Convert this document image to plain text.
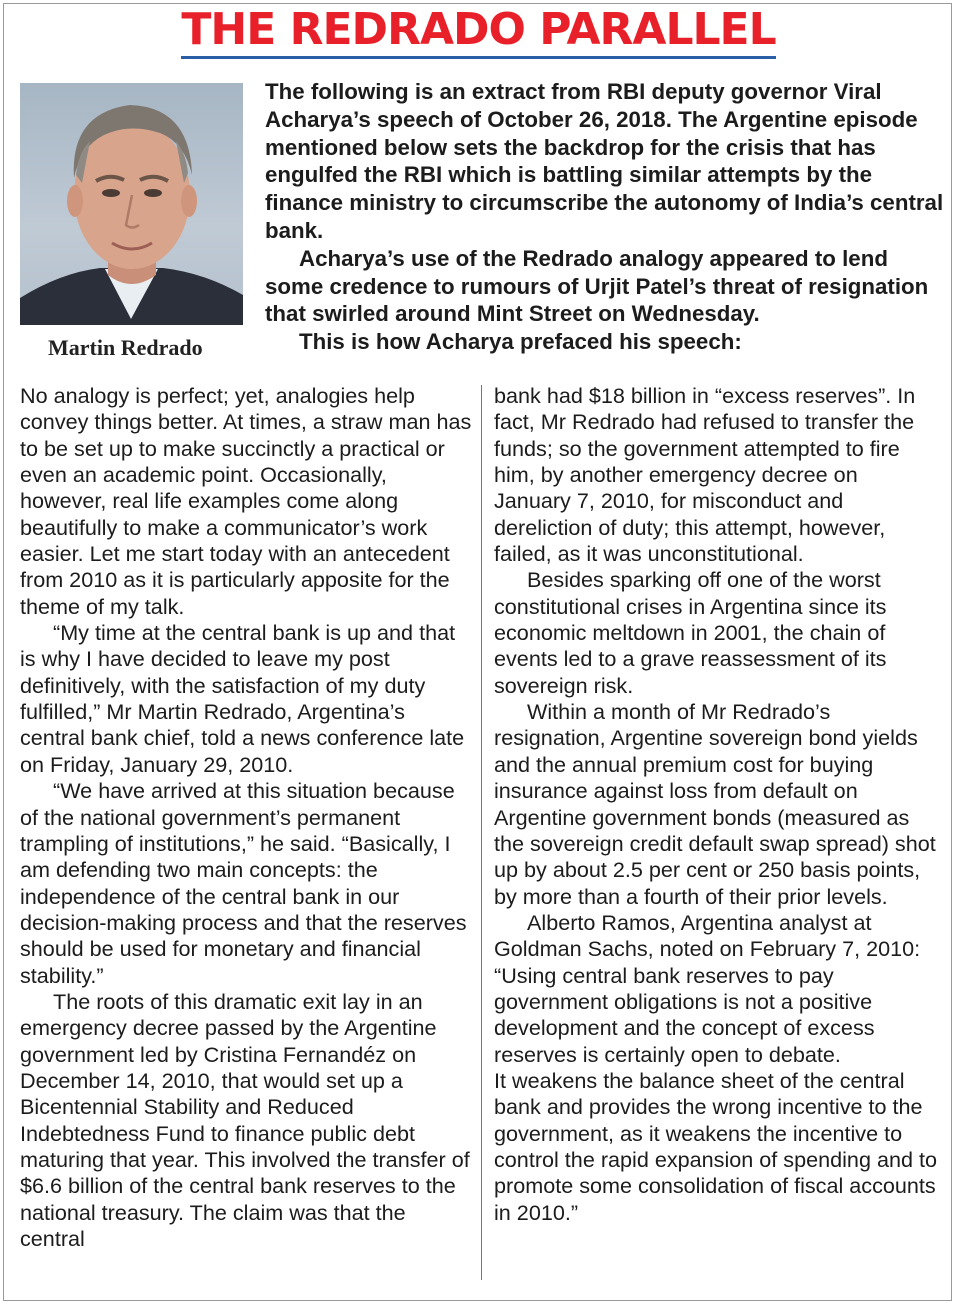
THE REDRADO PARALLEL
Martin Redrado

The following is an extract from RBI deputy governor Viral Acharya’s speech of October 26, 2018. The Argentine episode mentioned below sets the backdrop for the crisis that has engulfed the RBI which is battling similar attempts by the finance ministry to circumscribe the autonomy of India’s central bank.

Acharya’s use of the Redrado analogy appeared to lend some credence to rumours of Urjit Patel’s threat of resignation that swirled around Mint Street on Wednesday.

This is how Acharya prefaced his speech:

No analogy is perfect; yet, analogies help convey things better. At times, a straw man has to be set up to make succinctly a practical or even an academic point. Occasionally, however, real life examples come along beautifully to make a communicator’s work easier. Let me start today with an antecedent from 2010 as it is particularly apposite for the theme of my talk.

“My time at the central bank is up and that is why I have decided to leave my post definitively, with the satisfaction of my duty fulfilled,” Mr Martin Redrado, Argentina’s central bank chief, told a news conference late on Friday, January 29, 2010.

“We have arrived at this situation because of the national government’s permanent trampling of institutions,” he said. “Basically, I am defending two main concepts: the independence of the central bank in our decision-making process and that the reserves should be used for monetary and financial stability.”

The roots of this dramatic exit lay in an emergency decree passed by the Argentine government led by Cristina Fernandéz on December 14, 2010, that would set up a Bicentennial Stability and Reduced Indebtedness Fund to finance public debt maturing that year. This involved the transfer of $6.6 billion of the central bank reserves to the national treasury. The claim was that the central

bank had $18 billion in “excess reserves”. In fact, Mr Redrado had refused to transfer the funds; so the government attempted to fire him, by another emergency decree on January 7, 2010, for misconduct and dereliction of duty; this attempt, however, failed, as it was unconstitutional.

Besides sparking off one of the worst constitutional crises in Argentina since its economic meltdown in 2001, the chain of events led to a grave reassessment of its sovereign risk.

Within a month of Mr Redrado’s resignation, Argentine sovereign bond yields and the annual premium cost for buying insurance against loss from default on Argentine government bonds (measured as the sovereign credit default swap spread) shot up by about 2.5 per cent or 250 basis points, by more than a fourth of their prior levels.

Alberto Ramos, Argentina analyst at Goldman Sachs, noted on February 7, 2010: “Using central bank reserves to pay government obligations is not a positive development and the concept of excess reserves is certainly open to debate.

It weakens the balance sheet of the central bank and provides the wrong incentive to the government, as it weakens the incentive to control the rapid expansion of spending and to promote some consolidation of fiscal accounts in 2010.”
